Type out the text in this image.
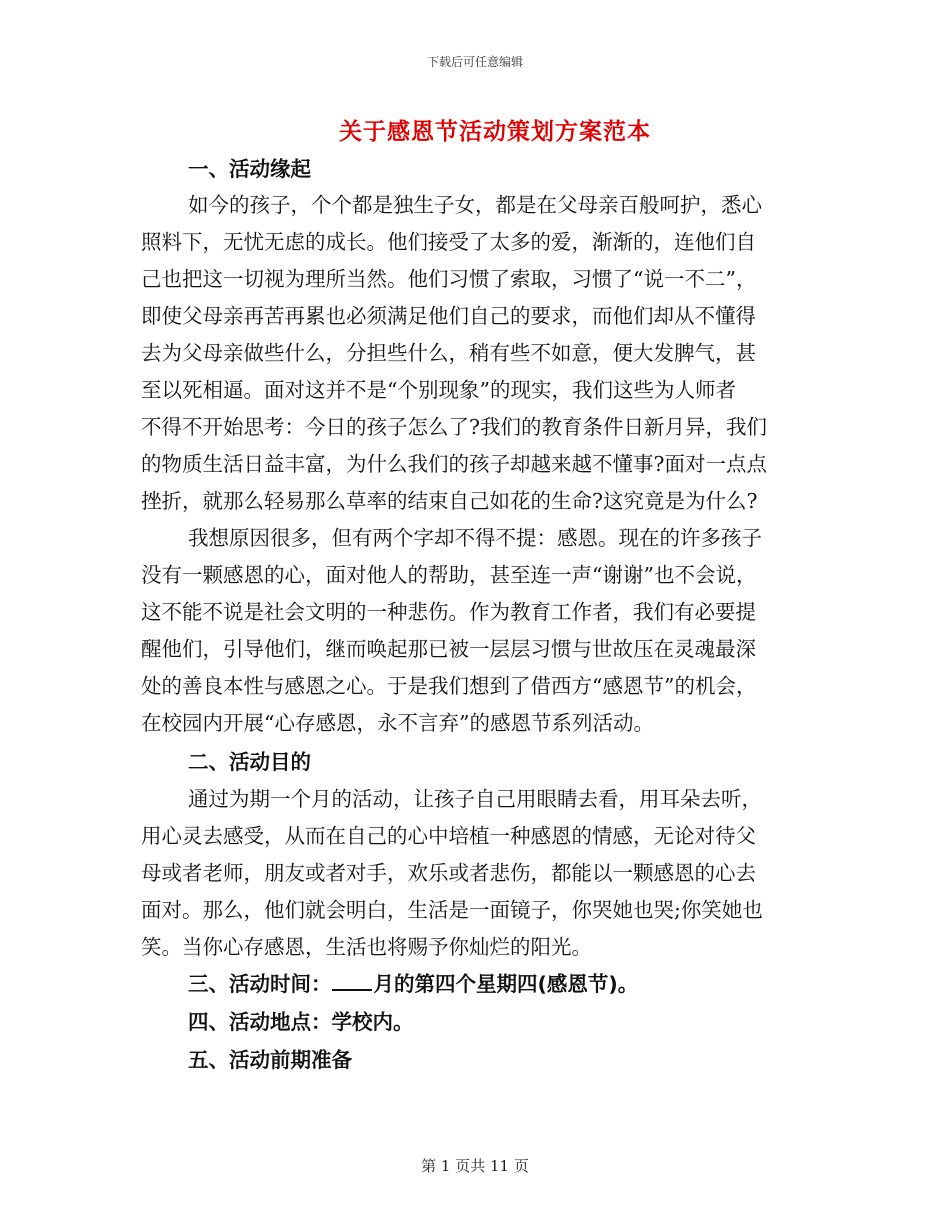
下载后可任意编辑
关于感恩节活动策划方案范本
一、活动缘起
如今的孩子，个个都是独生子女，都是在父母亲百般呵护，悉心
照料下，无忧无虑的成长。他们接受了太多的爱，渐渐的，连他们自
己也把这一切视为理所当然。他们习惯了索取，习惯了“说一不二”，
即使父母亲再苦再累也必须满足他们自己的要求，而他们却从不懂得
去为父母亲做些什么，分担些什么，稍有些不如意，便大发脾气，甚
至以死相逼。面对这并不是“个别现象”的现实，我们这些为人师者
不得不开始思考：今日的孩子怎么了?我们的教育条件日新月异，我们
的物质生活日益丰富，为什么我们的孩子却越来越不懂事?面对一点点
挫折，就那么轻易那么草率的结束自己如花的生命?这究竟是为什么?
我想原因很多，但有两个字却不得不提：感恩。现在的许多孩子
没有一颗感恩的心，面对他人的帮助，甚至连一声“谢谢”也不会说，
这不能不说是社会文明的一种悲伤。作为教育工作者，我们有必要提
醒他们，引导他们，继而唤起那已被一层层习惯与世故压在灵魂最深
处的善良本性与感恩之心。于是我们想到了借西方“感恩节”的机会，
在校园内开展“心存感恩，永不言弃”的感恩节系列活动。
二、活动目的
通过为期一个月的活动，让孩子自己用眼睛去看，用耳朵去听，
用心灵去感受，从而在自己的心中培植一种感恩的情感，无论对待父
母或者老师，朋友或者对手，欢乐或者悲伤，都能以一颗感恩的心去
面对。那么，他们就会明白，生活是一面镜子，你哭她也哭;你笑她也
笑。当你心存感恩，生活也将赐予你灿烂的阳光。
三、活动时间： 月的第四个星期四(感恩节)。
四、活动地点：学校内。
五、活动前期准备
第 1 页共 11 页
